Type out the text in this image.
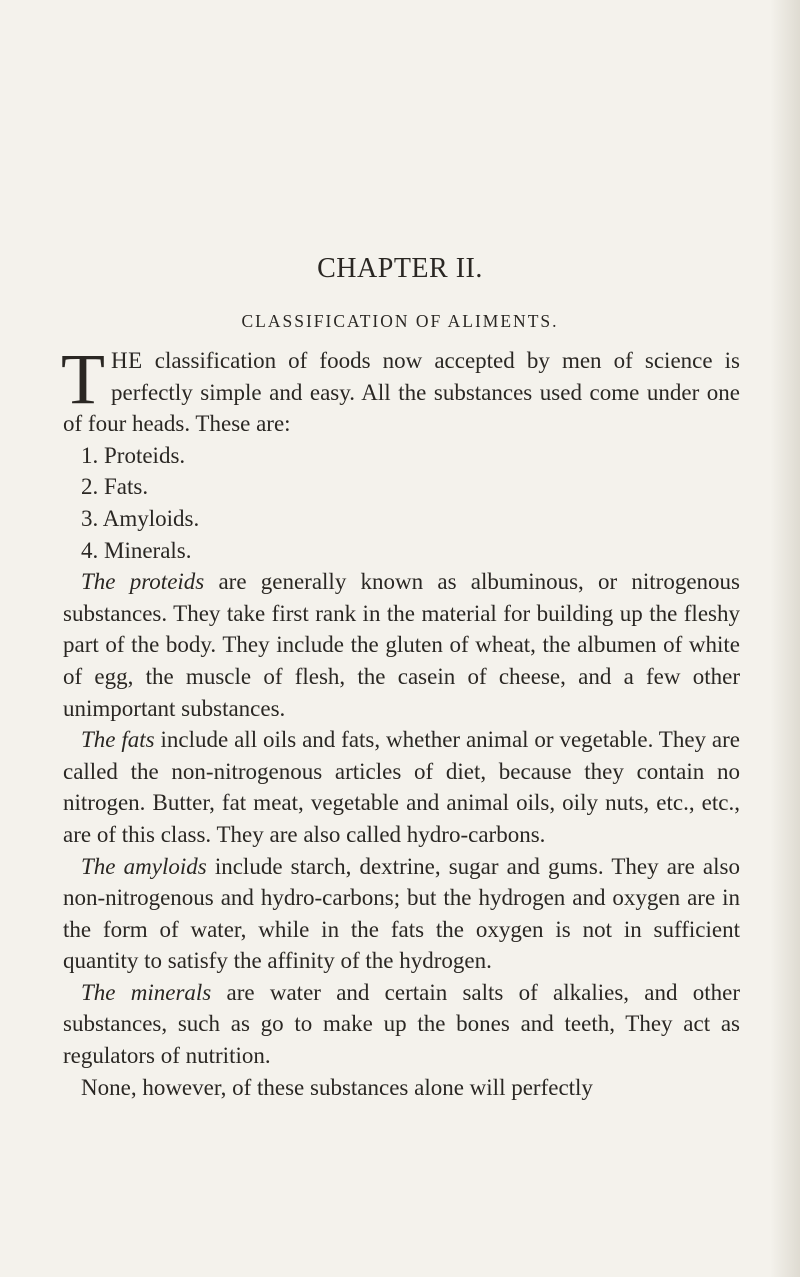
CHAPTER II.
CLASSIFICATION OF ALIMENTS.

THE classification of foods now accepted by men of science is perfectly simple and easy. All the substances used come under one of four heads. These are:

1. Proteids.
2. Fats.
3. Amyloids.
4. Minerals.

The proteids are generally known as albuminous, or nitrogenous substances. They take first rank in the material for building up the fleshy part of the body. They include the gluten of wheat, the albumen of white of egg, the muscle of flesh, the casein of cheese, and a few other unimportant substances.

The fats include all oils and fats, whether animal or vegetable. They are called the non-nitrogenous articles of diet, because they contain no nitrogen. Butter, fat meat, vegetable and animal oils, oily nuts, etc., etc., are of this class. They are also called hydro-carbons.

The amyloids include starch, dextrine, sugar and gums. They are also non-nitrogenous and hydro-carbons; but the hydrogen and oxygen are in the form of water, while in the fats the oxygen is not in sufficient quantity to satisfy the affinity of the hydrogen.

The minerals are water and certain salts of alkalies, and other substances, such as go to make up the bones and teeth, They act as regulators of nutrition.

None, however, of these substances alone will perfectly
